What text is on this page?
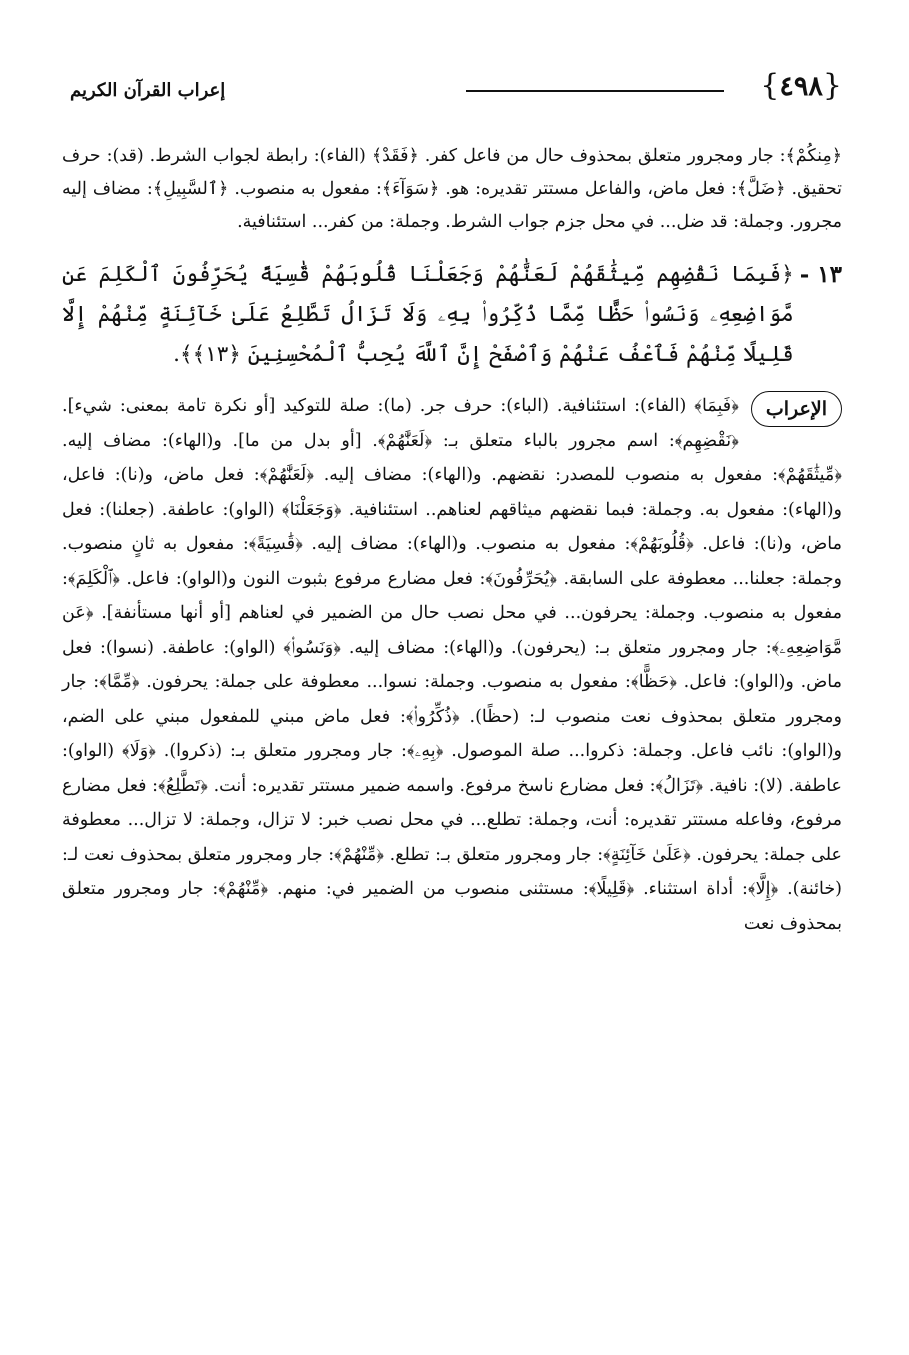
{٤٩٨}
إعراب القرآن الكريم

﴿مِنكُمْ﴾: جار ومجرور متعلق بمحذوف حال من فاعل كفر. ﴿فَقَدْ﴾ (الفاء): رابطة لجواب الشرط. (قد): حرف تحقيق. ﴿ضَلَّ﴾: فعل ماض، والفاعل مستتر تقديره: هو. ﴿سَوَآءَ﴾: مفعول به منصوب. ﴿ٱلسَّبِيلِ﴾: مضاف إليه مجرور. وجملة: قد ضل... في محل جزم جواب الشرط. وجملة: من كفر... استئنافية.

١٣ -
﴿فَبِمَا نَقْضِهِم مِّيثَٰقَهُمْ لَعَنَّٰهُمْ وَجَعَلْنَا قُلُوبَهُمْ قَٰسِيَةً يُحَرِّفُونَ ٱلْكَلِمَ عَن مَّوَاضِعِهِۦ وَنَسُوا۟ حَظًّا مِّمَّا ذُكِّرُوا۟ بِهِۦ وَلَا تَزَالُ تَطَّلِعُ عَلَىٰ خَآئِنَةٍ مِّنْهُمْ إِلَّا قَلِيلًا مِّنْهُمْ فَٱعْفُ عَنْهُمْ وَٱصْفَحْ إِنَّ ٱللَّهَ يُحِبُّ ٱلْمُحْسِنِينَ ﴿١٣﴾﴾.
الإعراب

﴿فَبِمَا﴾ (الفاء): استئنافية. (الباء): حرف جر. (ما): صلة للتوكيد [أو نكرة تامة بمعنى: شيء]. ﴿نَقْضِهِم﴾: اسم مجرور بالباء متعلق بـ: ﴿لَعَنَّٰهُمْ﴾. [أو بدل من ما]. و(الهاء): مضاف إليه. ﴿مِّيثَٰقَهُمْ﴾: مفعول به منصوب للمصدر: نقضهم. و(الهاء): مضاف إليه. ﴿لَعَنَّٰهُمْ﴾: فعل ماض، و(نا): فاعل، و(الهاء): مفعول به. وجملة: فبما نقضهم ميثاقهم لعناهم.. استئنافية. ﴿وَجَعَلْنَا﴾ (الواو): عاطفة. (جعلنا): فعل ماض، و(نا): فاعل. ﴿قُلُوبَهُمْ﴾: مفعول به منصوب. و(الهاء): مضاف إليه. ﴿قَٰسِيَةً﴾: مفعول به ثانٍ منصوب. وجملة: جعلنا... معطوفة على السابقة. ﴿يُحَرِّفُونَ﴾: فعل مضارع مرفوع بثبوت النون و(الواو): فاعل. ﴿ٱلْكَلِمَ﴾: مفعول به منصوب. وجملة: يحرفون... في محل نصب حال من الضمير في لعناهم [أو أنها مستأنفة]. ﴿عَن مَّوَاضِعِهِۦ﴾: جار ومجرور متعلق بـ: (يحرفون). و(الهاء): مضاف إليه. ﴿وَنَسُوا۟﴾ (الواو): عاطفة. (نسوا): فعل ماض. و(الواو): فاعل. ﴿حَظًّا﴾: مفعول به منصوب. وجملة: نسوا... معطوفة على جملة: يحرفون. ﴿مِّمَّا﴾: جار ومجرور متعلق بمحذوف نعت منصوب لـ: (حظًا). ﴿ذُكِّرُوا۟﴾: فعل ماض مبني للمفعول مبني على الضم، و(الواو): نائب فاعل. وجملة: ذكروا... صلة الموصول. ﴿بِهِۦ﴾: جار ومجرور متعلق بـ: (ذكروا). ﴿وَلَا﴾ (الواو): عاطفة. (لا): نافية. ﴿تَزَالُ﴾: فعل مضارع ناسخ مرفوع. واسمه ضمير مستتر تقديره: أنت. ﴿تَطَّلِعُ﴾: فعل مضارع مرفوع، وفاعله مستتر تقديره: أنت، وجملة: تطلع... في محل نصب خبر: لا تزال، وجملة: لا تزال... معطوفة على جملة: يحرفون. ﴿عَلَىٰ خَآئِنَةٍ﴾: جار ومجرور متعلق بـ: تطلع. ﴿مِّنْهُمْ﴾: جار ومجرور متعلق بمحذوف نعت لـ: (خائنة). ﴿إِلَّا﴾: أداة استثناء. ﴿قَلِيلًا﴾: مستثنى منصوب من الضمير في: منهم. ﴿مِّنْهُمْ﴾: جار ومجرور متعلق بمحذوف نعت
